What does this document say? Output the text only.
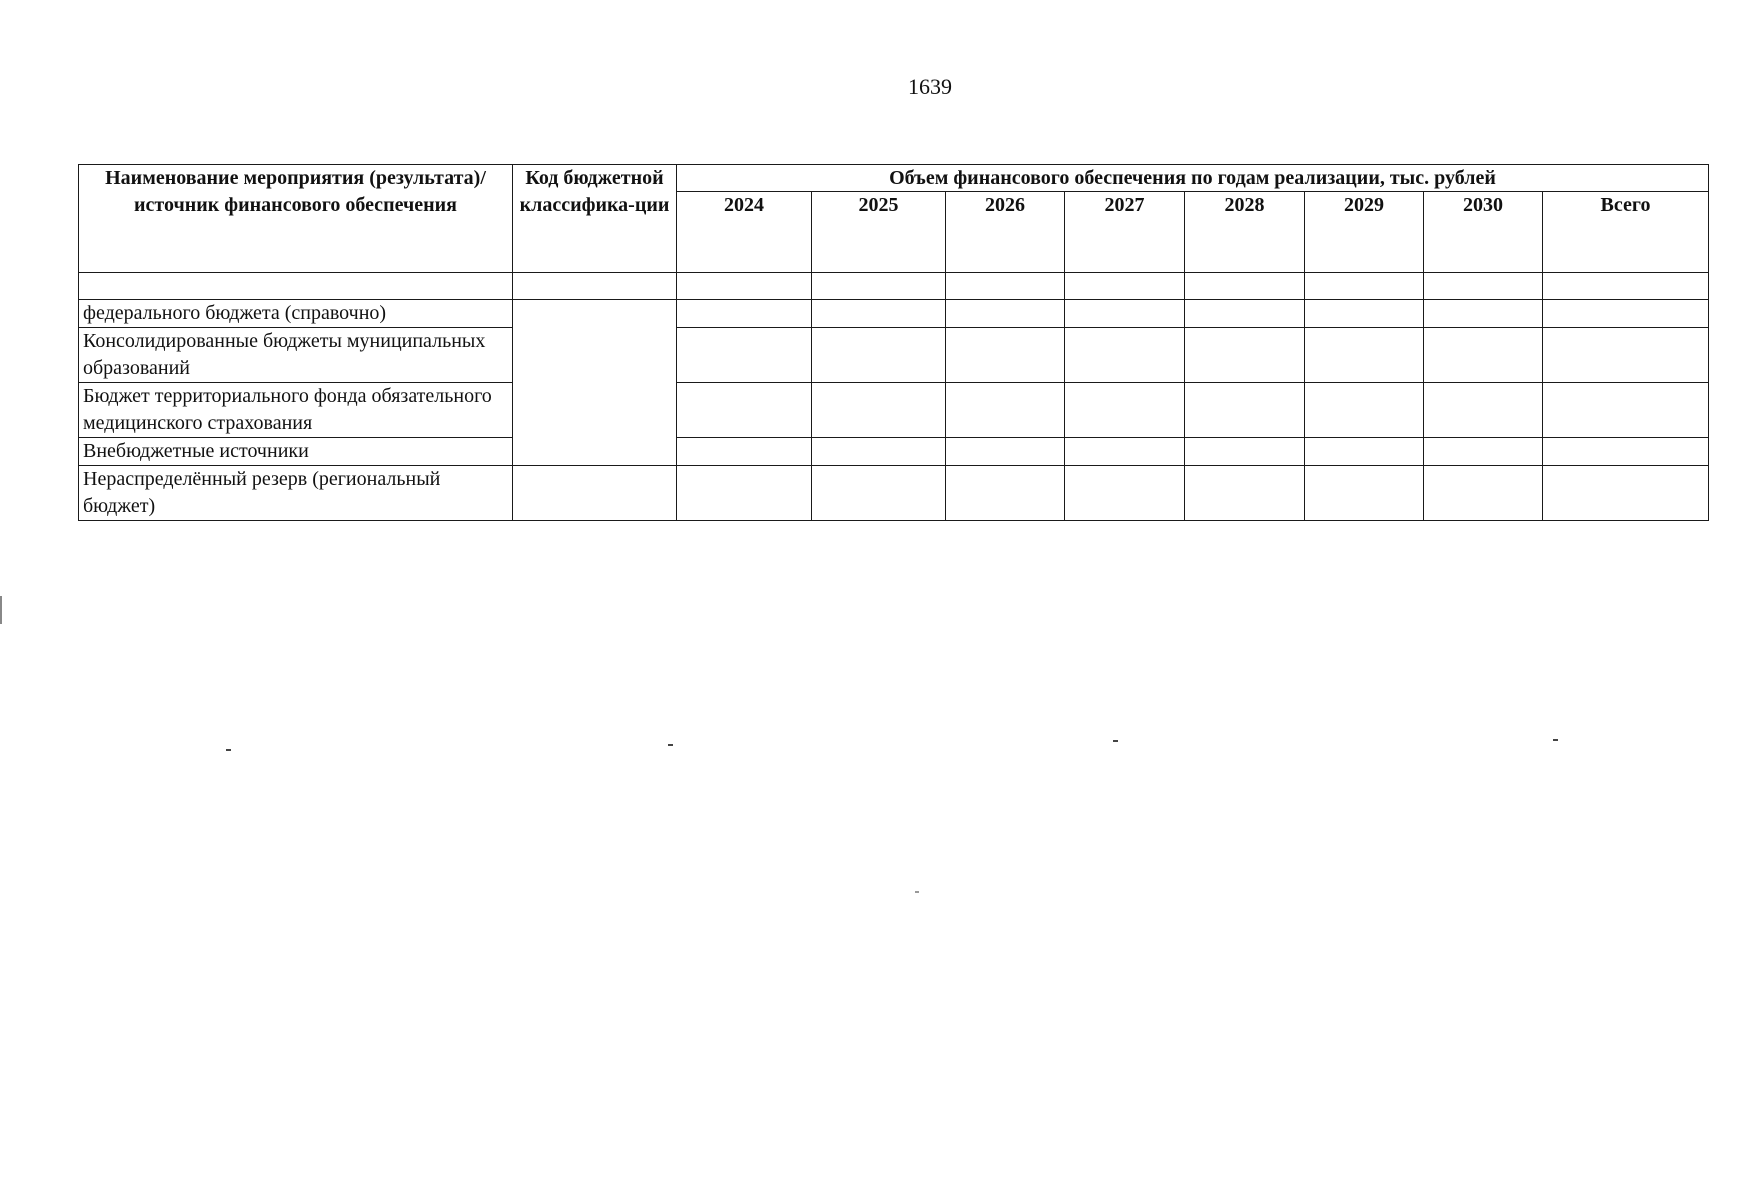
1639
Наименование мероприятия (результата)/ источник финансового обеспечения	Код бюджетной классифика-ции	Объем финансового обеспечения по годам реализации, тыс. рублей							
		2024	2025	2026	2027	2028	2029	2030	Всего

федерального бюджета (справочно)									
Консолидированные бюджеты муниципальных образований									
Бюджет территориального фонда обязательного медицинского страхования									
Внебюджетные источники									
Нераспределённый резерв (региональный бюджет)									
